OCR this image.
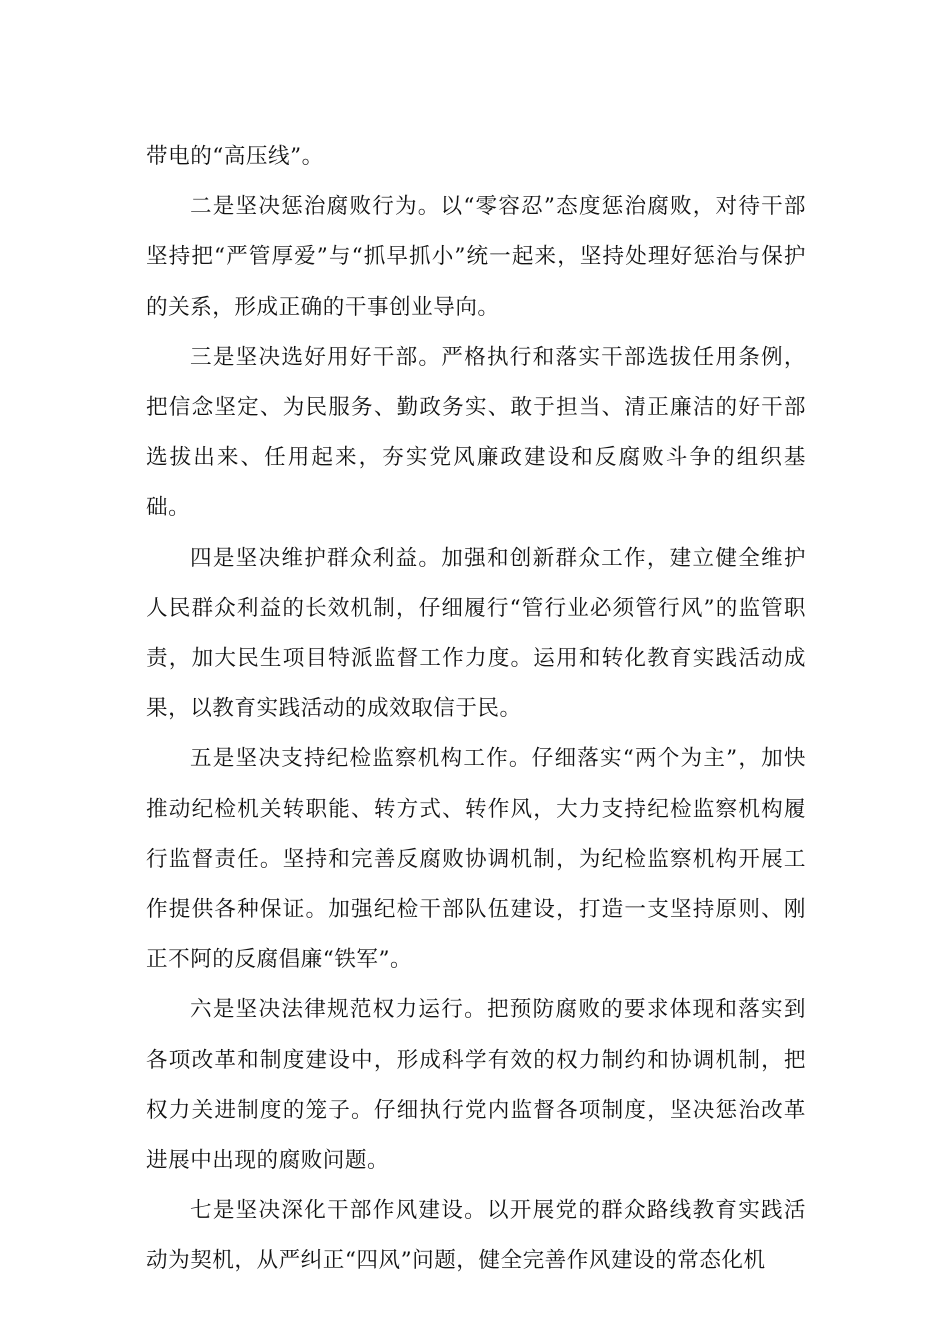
带电的“高压线”。

二是坚决惩治腐败行为。以“零容忍”态度惩治腐败，对待干部坚持把“严管厚爱”与“抓早抓小”统一起来，坚持处理好惩治与保护的关系，形成正确的干事创业导向。

三是坚决选好用好干部。严格执行和落实干部选拔任用条例，把信念坚定、为民服务、勤政务实、敢于担当、清正廉洁的好干部选拔出来、任用起来，夯实党风廉政建设和反腐败斗争的组织基础。

四是坚决维护群众利益。加强和创新群众工作，建立健全维护人民群众利益的长效机制，仔细履行“管行业必须管行风”的监管职责，加大民生项目特派监督工作力度。运用和转化教育实践活动成果，以教育实践活动的成效取信于民。

五是坚决支持纪检监察机构工作。仔细落实“两个为主”，加快推动纪检机关转职能、转方式、转作风，大力支持纪检监察机构履行监督责任。坚持和完善反腐败协调机制，为纪检监察机构开展工作提供各种保证。加强纪检干部队伍建设，打造一支坚持原则、刚正不阿的反腐倡廉“铁军”。

六是坚决法律规范权力运行。把预防腐败的要求体现和落实到各项改革和制度建设中，形成科学有效的权力制约和协调机制，把权力关进制度的笼子。仔细执行党内监督各项制度，坚决惩治改革进展中出现的腐败问题。

七是坚决深化干部作风建设。以开展党的群众路线教育实践活动为契机，从严纠正“四风”问题，健全完善作风建设的常态化机
